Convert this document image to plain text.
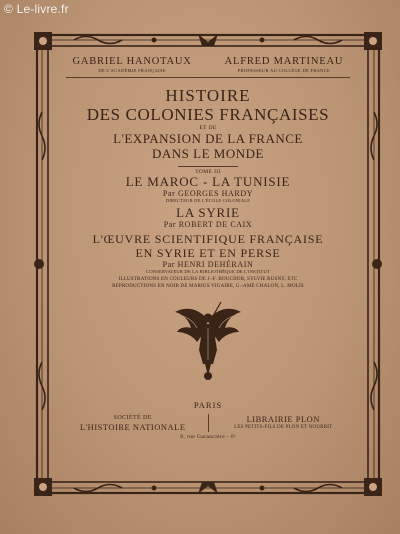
© Le-livre.fr
GABRIEL HANOTAUX
DE L'ACADÉMIE FRANÇAISE
ALFRED MARTINEAU
PROFESSEUR AU COLLÈGE DE FRANCE
HISTOIRE
DES COLONIES FRANÇAISES
ET DE
L'EXPANSION DE LA FRANCE
DANS LE MONDE
TOME III
LE MAROC - LA TUNISIE
Par GEORGES HARDY
DIRECTEUR DE L'ÉCOLE COLONIALE
LA SYRIE
Par ROBERT DE CAIX
L'ŒUVRE SCIENTIFIQUE FRANÇAISE
EN SYRIE ET EN PERSE
Par HENRI DEHÉRAIN
CONSERVATEUR DE LA BIBLIOTHÈQUE DE L'INSTITUT
ILLUSTRATIONS EN COULEURS DE J.-F. BOUCHOR, SYLVIE BUSNY, ETC
REPRODUCTIONS EN NOIR DE MARIUS VIGAIRE, G.-AMÉ CHALON, L. MOLIS
PARIS
SOCIÉTÉ DE
L'HISTOIRE NATIONALE
LIBRAIRIE PLON
LES PETITS-FILS DE PLON ET NOURRIT
8, rue Garancière - 6ᵉ
